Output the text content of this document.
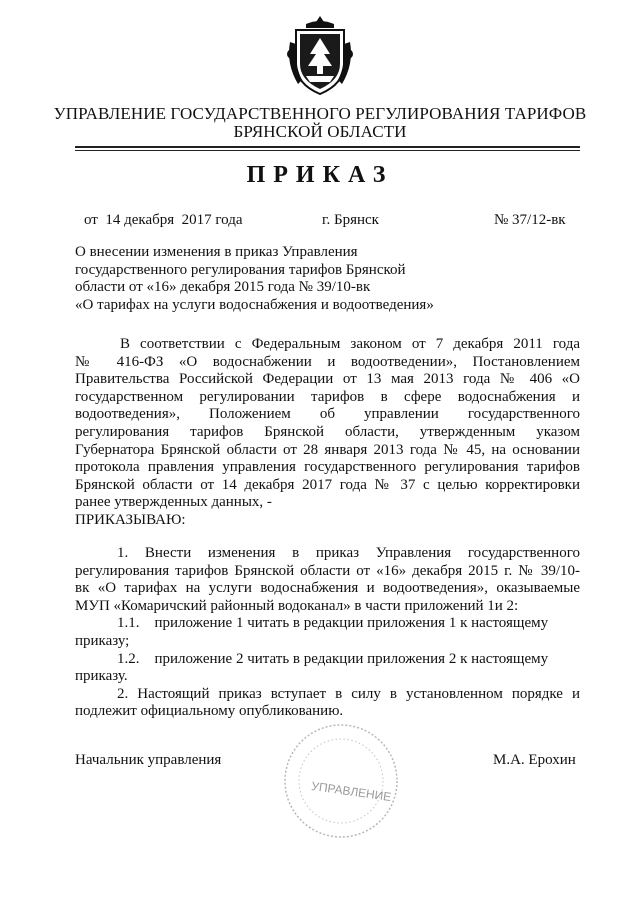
УПРАВЛЕНИЕ ГОСУДАРСТВЕННОГО РЕГУЛИРОВАНИЯ ТАРИФОВ
БРЯНСКОЙ ОБЛАСТИ
ПРИКАЗ
от  14 декабря  2017 года	г. Брянск	№ 37/12-вк
О внесении изменения в приказ Управления
государственного регулирования тарифов Брянской
области от «16» декабря 2015 года № 39/10-вк
«О тарифах на услуги водоснабжения и водоотведения»
В соответствии с Федеральным законом от 7 декабря 2011 года
№ 416-ФЗ «О водоснабжении и водоотведении», Постановлением
Правительства Российской Федерации от 13 мая 2013 года № 406 «О
государственном регулировании тарифов в сфере водоснабжения и
водоотведения», Положением об управлении государственного
регулирования тарифов Брянской области, утвержденным указом
Губернатора Брянской области от 28 января 2013 года № 45, на основании
протокола правления управления государственного регулирования тарифов
Брянской области от 14 декабря 2017 года № 37 с целью корректировки
ранее утвержденных данных, -
ПРИКАЗЫВАЮ:
1. Внести изменения в приказ Управления государственного
регулирования тарифов Брянской области от «16» декабря 2015 г. № 39/10-
вк «О тарифах на услуги водоснабжения и водоотведения», оказываемые
МУП «Комаричский районный водоканал» в части приложений 1и 2:
1.1.    приложение 1 читать в редакции приложения 1 к настоящему
приказу;
1.2.    приложение 2 читать в редакции приложения 2 к настоящему
приказу.
2. Настоящий приказ вступает в силу в установленном порядке и
подлежит официальному опубликованию.
Начальник управления	М.А. Ерохин
УПРАВЛЕНИЕ
